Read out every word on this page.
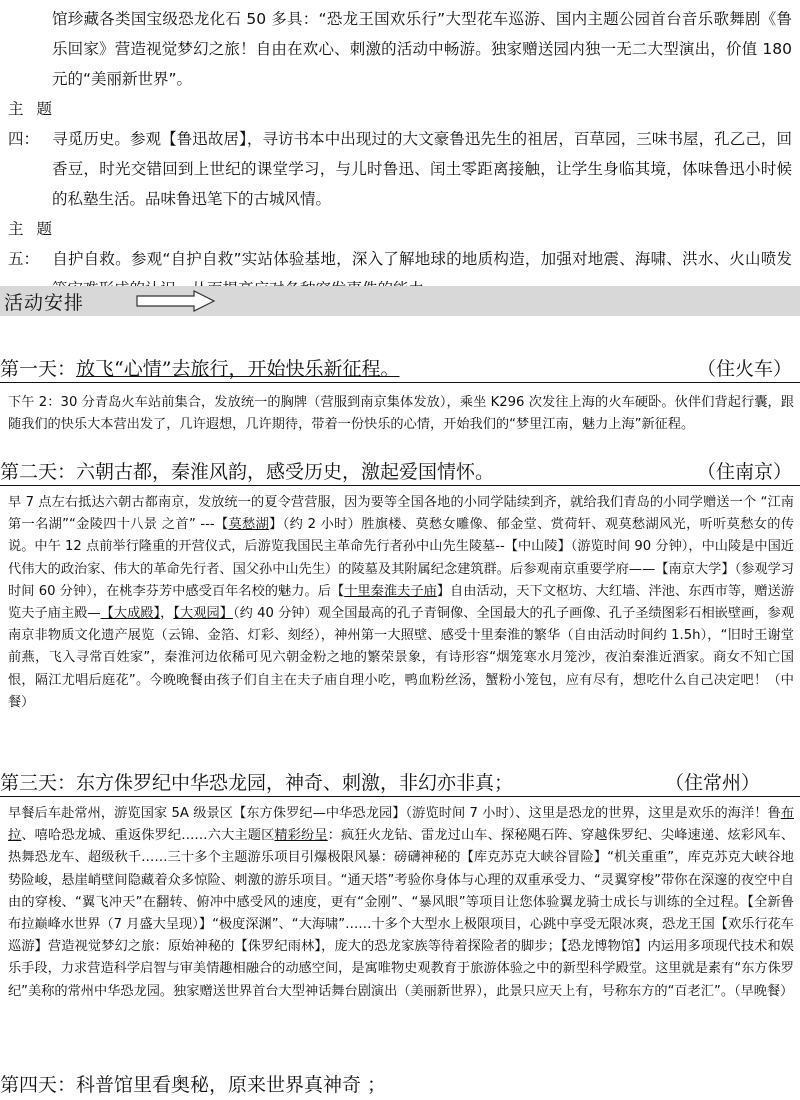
馆珍藏各类国宝级恐龙化石 50 多具：“恐龙王国欢乐行”大型花车巡游、国内主题公园首台音乐歌舞剧《鲁乐回家》营造视觉梦幻之旅！自由在欢心、刺激的活动中畅游。独家赠送园内独一无二大型演出，价值 180 元的“美丽新世界”。

主题四： 寻觅历史。参观【鲁迅故居】，寻访书本中出现过的大文豪鲁迅先生的祖居，百草园，三味书屋，孔乙己，回香豆，时光交错回到上世纪的课堂学习，与儿时鲁迅、闰土零距离接触，让学生身临其境，体味鲁迅小时候的私塾生活。品味鲁迅笔下的古城风情。

主题五： 自护自救。参观“自护自救”实站体验基地，深入了解地球的地质构造，加强对地震、海啸、洪水、火山喷发

活动安排
第一天：放飞“心情”去旅行，开始快乐新征程。	（住火车）

下午 2：30 分青岛火车站前集合，发放统一的胸牌（营服到南京集体发放），乘坐 K296 次发往上海的火车硬卧。伙伴们背起行囊，跟随我们的快乐大本营出发了，几许遐想，几许期待，带着一份快乐的心情，开始我们的“梦里江南，魅力上海”新征程。

第二天：六朝古都，秦淮风韵，感受历史，激起爱国情怀。	（住南京）

早 7 点左右抵达六朝古都南京，发放统一的夏令营营服，因为要等全国各地的小同学陆续到齐，就给我们青岛的小同学赠送一个 “江南第一名湖”“金陵四十八景 之首” ---【莫愁湖】（约 2 小时）胜旗楼、莫愁女雕像、郁金堂、赏荷轩、观莫愁湖风光，听听莫愁女的传说。中午 12 点前举行隆重的开营仪式，后游览我国民主革命先行者孙中山先生陵墓--【中山陵】（游览时间 90 分钟），中山陵是中国近代伟大的政治家、伟大的革命先行者、国父孙中山先生）的陵墓及其附属纪念建筑群。后参观南京重要学府——【南京大学】（参观学习时间 60 分钟），在桃李芬芳中感受百年名校的魅力。后【十里秦淮夫子庙】自由活动，天下文枢坊、大红墙、泮池、东西市等，赠送游览夫子庙主殿—【大成殿】，【大观园】（约 40 分钟）观全国最高的孔子青铜像、全国最大的孔子画像、孔子圣绩图彩石相嵌壁画，参观南京非物质文化遗产展览（云锦、金箔、灯彩、刻经），神州第一大照壁、感受十里秦淮的繁华（自由活动时间约 1.5h），“旧时王谢堂前燕，飞入寻常百姓家”，秦淮河边依稀可见六朝金粉之地的繁荣景象，有诗形容“烟笼寒水月笼沙，夜泊秦淮近酒家。商女不知亡国恨，隔江尤唱后庭花”。今晚晚餐由孩子们自主在夫子庙自理小吃，鸭血粉丝汤，蟹粉小笼包，应有尽有，想吃什么自己决定吧！（中餐）

第三天：东方侏罗纪中华恐龙园，神奇、刺激，非幻亦非真；	（住常州）

早餐后车赴常州，游览国家 5A 级景区【东方侏罗纪—中华恐龙园】（游览时间 7 小时）、这里是恐龙的世界，这里是欢乐的海洋！鲁布拉、嘻哈恐龙城、重返侏罗纪……六大主题区精彩纷呈：疯狂火龙钻、雷龙过山车、探秘飓石阵、穿越侏罗纪、尖峰速递、炫彩风车、热舞恐龙车、超级秋千……三十多个主题游乐项目引爆极限风暴：磅礴神秘的【库克苏克大峡谷冒险】“机关重重”，库克苏克大峡谷地势险峻，悬崖峭壁间隐藏着众多惊险、刺激的游乐项目。“通天塔”考验你身体与心理的双重承受力、“灵翼穿梭”带你在深邃的夜空中自由的穿梭、“翼飞冲天”在翻转、俯冲中感受风的速度，更有“金刚”、“暴风眼”等项目让您体验翼龙骑士成长与训练的全过程。【全新鲁布拉巅峰水世界（7 月盛大呈现）】“极度深渊”、“大海啸”……十多个大型水上极限项目，心跳中享受无限冰爽，恐龙王国【欢乐行花车巡游】营造视觉梦幻之旅：原始神秘的【侏罗纪雨林】，庞大的恐龙家族等待着探险者的脚步；【恐龙博物馆】内运用多项现代技术和娱乐手段，力求营造科学启智与审美情趣相融合的动感空间，是寓唯物史观教育于旅游体验之中的新型科学殿堂。这里就是素有“东方侏罗纪”美称的常州中华恐龙园。独家赠送世界首台大型神话舞台剧演出（美丽新世界），此景只应天上有，号称东方的“百老汇”。（早晚餐）

第四天：科普馆里看奥秘，原来世界真神奇 ；
